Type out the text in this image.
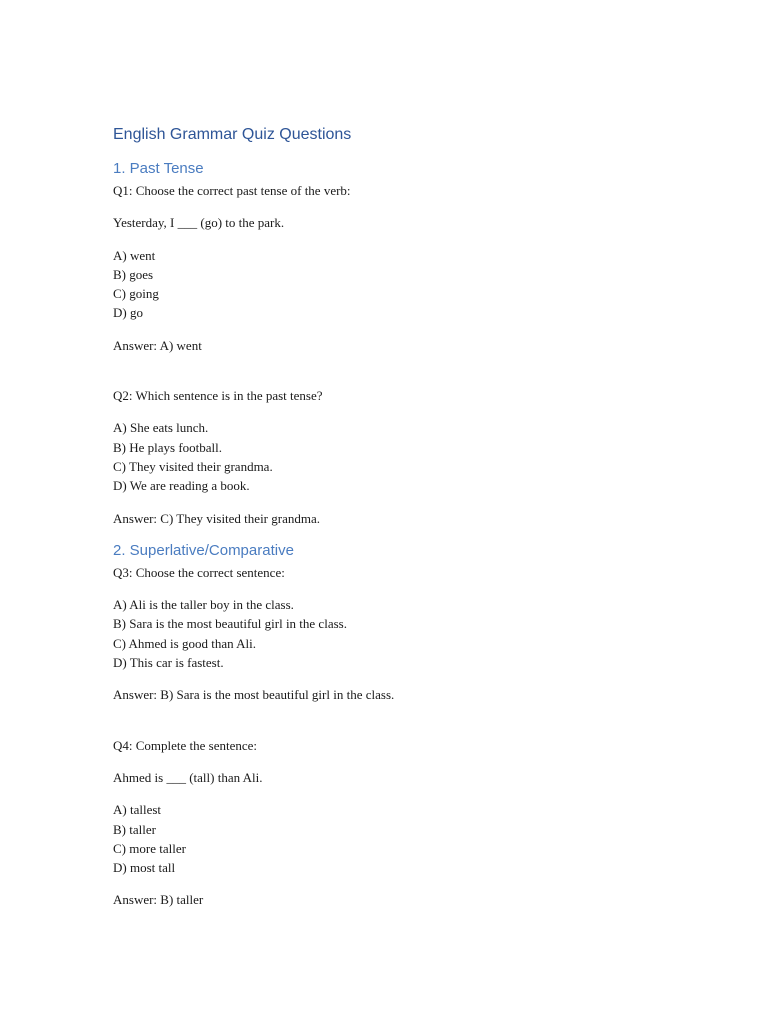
English Grammar Quiz Questions
1. Past Tense

Q1: Choose the correct past tense of the verb:

Yesterday, I ___ (go) to the park.

A) went

B) goes

C) going

D) go

Answer: A) went

Q2: Which sentence is in the past tense?

A) She eats lunch.

B) He plays football.

C) They visited their grandma.

D) We are reading a book.

Answer: C) They visited their grandma.

2. Superlative/Comparative

Q3: Choose the correct sentence:

A) Ali is the taller boy in the class.

B) Sara is the most beautiful girl in the class.

C) Ahmed is good than Ali.

D) This car is fastest.

Answer: B) Sara is the most beautiful girl in the class.

Q4: Complete the sentence:

Ahmed is ___ (tall) than Ali.

A) tallest

B) taller

C) more taller

D) most tall

Answer: B) taller
